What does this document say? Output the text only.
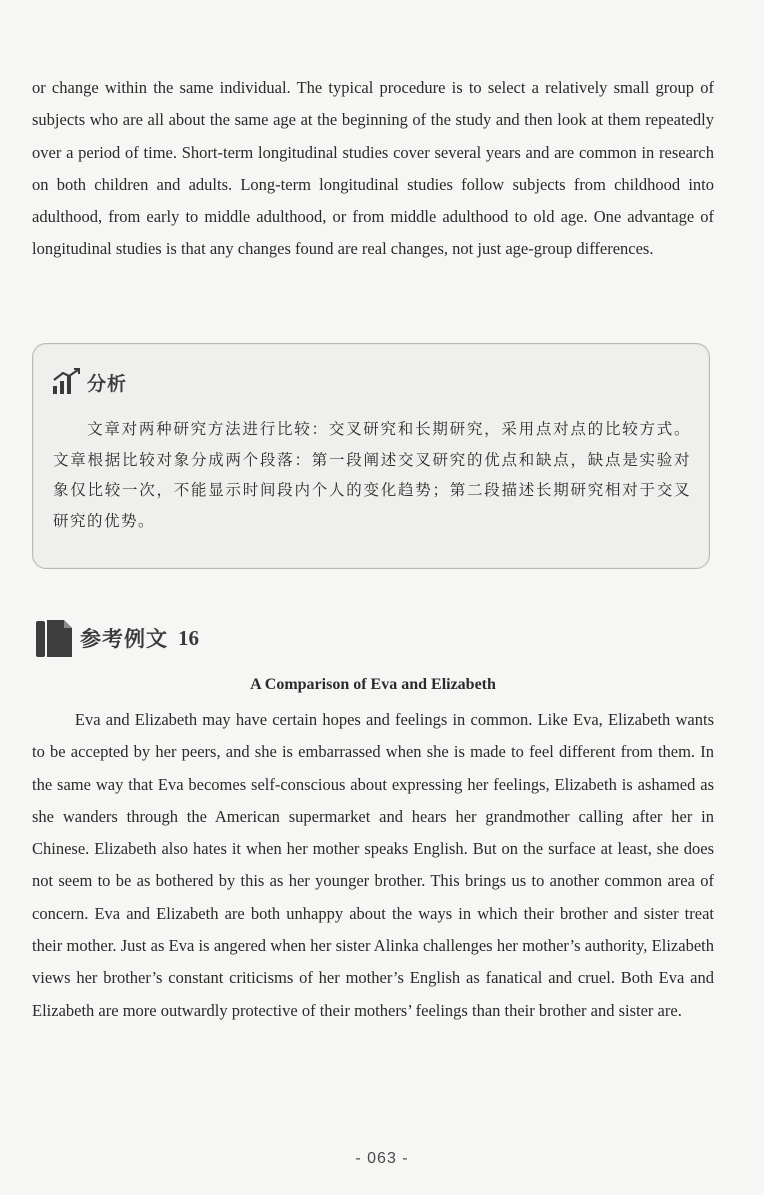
or change within the same individual. The typical procedure is to select a relatively small group of subjects who are all about the same age at the beginning of the study and then look at them repeatedly over a period of time. Short-term longitudinal studies cover several years and are common in research on both children and adults. Long-term longitudinal studies follow subjects from childhood into adulthood, from early to middle adulthood, or from middle adulthood to old age. One advantage of longitudinal studies is that any changes found are real changes, not just age-group differences.

分析

文章对两种研究方法进行比较：交叉研究和长期研究，采用点对点的比较方式。文章根据比较对象分成两个段落：第一段阐述交叉研究的优点和缺点，缺点是实验对象仅比较一次，不能显示时间段内个人的变化趋势；第二段描述长期研究相对于交叉研究的优势。

参考例文 16

A Comparison of Eva and Elizabeth

Eva and Elizabeth may have certain hopes and feelings in common. Like Eva, Elizabeth wants to be accepted by her peers, and she is embarrassed when she is made to feel different from them. In the same way that Eva becomes self-conscious about expressing her feelings, Elizabeth is ashamed as she wanders through the American supermarket and hears her grandmother calling after her in Chinese. Elizabeth also hates it when her mother speaks English. But on the surface at least, she does not seem to be as bothered by this as her younger brother. This brings us to another common area of concern. Eva and Elizabeth are both unhappy about the ways in which their brother and sister treat their mother. Just as Eva is angered when her sister Alinka challenges her mother’s authority, Elizabeth views her brother’s constant criticisms of her mother’s English as fanatical and cruel. Both Eva and Elizabeth are more outwardly protective of their mothers’ feelings than their brother and sister are.

- 063 -
